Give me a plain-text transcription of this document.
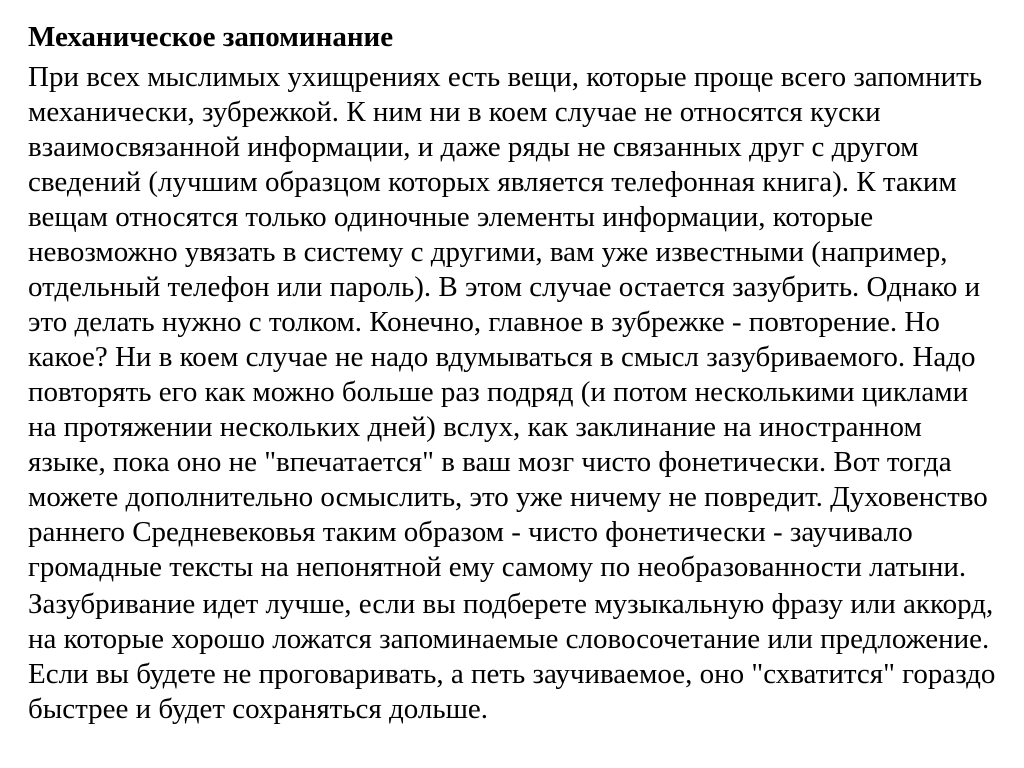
Механическое запоминание
При всех мыслимых ухищрениях есть вещи, которые проще всего запомнить
механически, зубрежкой. К ним ни в коем случае не относятся куски
взаимосвязанной информации, и даже ряды не связанных друг с другом
сведений (лучшим образцом которых является телефонная книга). К таким
вещам относятся только одиночные элементы информации, которые
невозможно увязать в систему с другими, вам уже известными (например,
отдельный телефон или пароль). В этом случае остается зазубрить. Однако и
это делать нужно с толком. Конечно, главное в зубрежке - повторение. Но
какое? Ни в коем случае не надо вдумываться в смысл зазубриваемого. Надо
повторять его как можно больше раз подряд (и потом несколькими циклами
на протяжении нескольких дней) вслух, как заклинание на иностранном
языке, пока оно не "впечатается" в ваш мозг чисто фонетически. Вот тогда
можете дополнительно осмыслить, это уже ничему не повредит. Духовенство
раннего Средневековья таким образом - чисто фонетически - заучивало
громадные тексты на непонятной ему самому по необразованности латыни.
Зазубривание идет лучше, если вы подберете музыкальную фразу или аккорд,
на которые хорошо ложатся запоминаемые словосочетание или предложение.
Если вы будете не проговаривать, а петь заучиваемое, оно "схватится" гораздо
быстрее и будет сохраняться дольше.
